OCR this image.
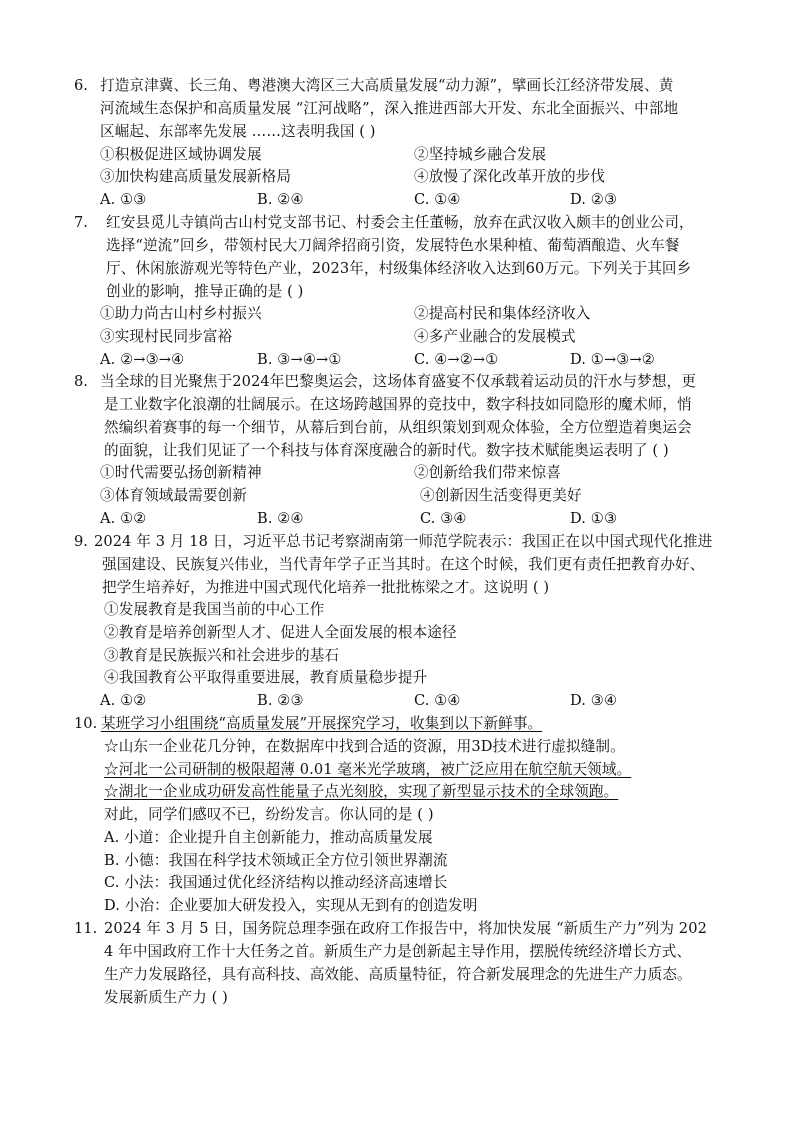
6. 打造京津冀、长三角、粤港澳大湾区三大高质量发展“动力源”，擘画长江经济带发展、黄
河流域生态保护和高质量发展 “江河战略”，深入推进西部大开发、东北全面振兴、中部地
区崛起、东部率先发展 ……这表明我国 ( )
①积极促进区域协调发展	②坚持城乡融合发展
③加快构建高质量发展新格局	④放慢了深化改革开放的步伐
A. ①③	B. ②④	C. ①④	D. ②③
7. 红安县觅儿寺镇尚古山村党支部书记、村委会主任董畅，放弃在武汉收入颇丰的创业公司，
选择“逆流”回乡，带领村民大刀阔斧招商引资，发展特色水果种植、葡萄酒酿造、火车餐
厅、休闲旅游观光等特色产业，2023年，村级集体经济收入达到60万元。下列关于其回乡
创业的影响，推导正确的是 ( )
①助力尚古山村乡村振兴	②提高村民和集体经济收入
③实现村民同步富裕	④多产业融合的发展模式
A. ②→③→④	B. ③→④→①	C. ④→②→①	D. ①→③→②
8. 当全球的目光聚焦于2024年巴黎奥运会，这场体育盛宴不仅承载着运动员的汗水与梦想，更
是工业数字化浪潮的壮阔展示。在这场跨越国界的竞技中，数字科技如同隐形的魔术师，悄
然编织着赛事的每一个细节，从幕后到台前，从组织策划到观众体验，全方位塑造着奥运会
的面貌，让我们见证了一个科技与体育深度融合的新时代。数字技术赋能奥运表明了 ( )
①时代需要弘扬创新精神	②创新给我们带来惊喜
③体育领域最需要创新	④创新因生活变得更美好
A. ①②	B. ②④	C. ③④	D. ①③
9. 2024 年 3 月 18 日，习近平总书记考察湖南第一师范学院表示：我国正在以中国式现代化推进
强国建设、民族复兴伟业，当代青年学子正当其时。在这个时候，我们更有责任把教育办好、
把学生培养好，为推进中国式现代化培养一批批栋梁之才。这说明 ( )
①发展教育是我国当前的中心工作
②教育是培养创新型人才、促进人全面发展的根本途径
③教育是民族振兴和社会进步的基石
④我国教育公平取得重要进展，教育质量稳步提升
A. ①②	B. ②③	C. ①④	D. ③④
10. 某班学习小组围绕“高质量发展”开展探究学习，收集到以下新鲜事。
☆山东一企业花几分钟，在数据库中找到合适的资源，用3D技术进行虚拟缝制。
☆河北一公司研制的极限超薄 0.01 毫米光学玻璃，被广泛应用在航空航天领域。
☆湖北一企业成功研发高性能量子点光刻胶，实现了新型显示技术的全球领跑。
对此，同学们感叹不已，纷纷发言。你认同的是 ( )
A. 小道：企业提升自主创新能力，推动高质量发展
B. 小德：我国在科学技术领域正全方位引领世界潮流
C. 小法：我国通过优化经济结构以推动经济高速增长
D. 小治：企业要加大研发投入，实现从无到有的创造发明
11. 2024 年 3 月 5 日，国务院总理李强在政府工作报告中，将加快发展 “新质生产力”列为 202
4 年中国政府工作十大任务之首。新质生产力是创新起主导作用，摆脱传统经济增长方式、
生产力发展路径，具有高科技、高效能、高质量特征，符合新发展理念的先进生产力质态。
发展新质生产力 ( )
